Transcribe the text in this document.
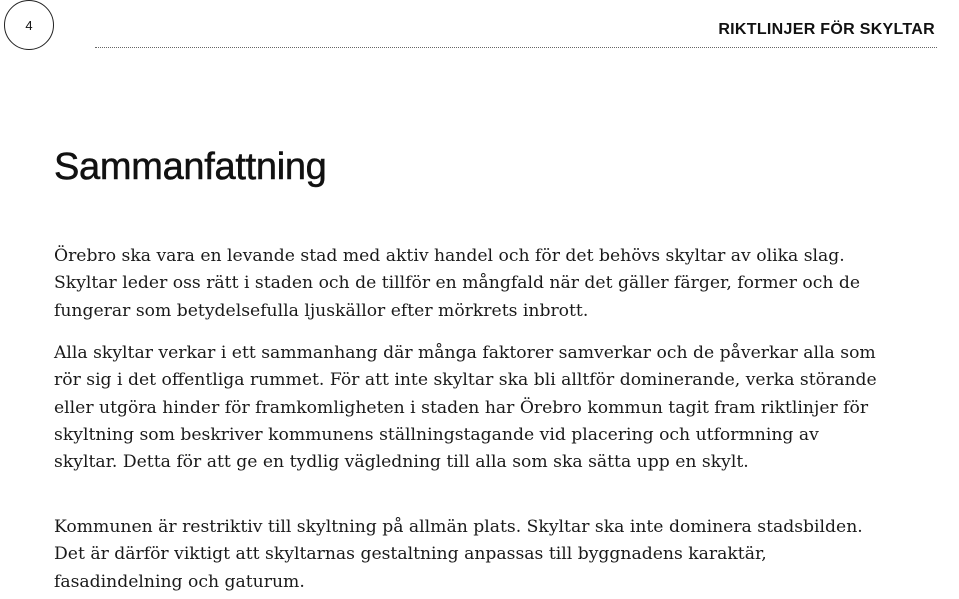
4	RIKTLINJER FÖR SKYLTAR
Sammanfattning

Örebro ska vara en levande stad med aktiv handel och för det behövs skyltar av olika slag. Skyltar leder oss rätt i staden och de tillför en mångfald när det gäller färger, former och de fungerar som betydelsefulla ljuskällor efter mörkrets inbrott.

Alla skyltar verkar i ett sammanhang där många faktorer samverkar och de påverkar alla som rör sig i det offentliga rummet. För att inte skyltar ska bli alltför dominerande, verka störande eller utgöra hinder för framkomligheten i staden har Örebro kommun tagit fram riktlinjer för skyltning som beskriver kommunens ställningstagande vid placering och utformning av skyltar. Detta för att ge en tydlig vägledning till alla som ska sätta upp en skylt.

Kommunen är restriktiv till skyltning på allmän plats. Skyltar ska inte dominera stadsbilden. Det är därför viktigt att skyltarnas gestaltning anpassas till byggnadens karaktär, fasadindelning och gaturum.
